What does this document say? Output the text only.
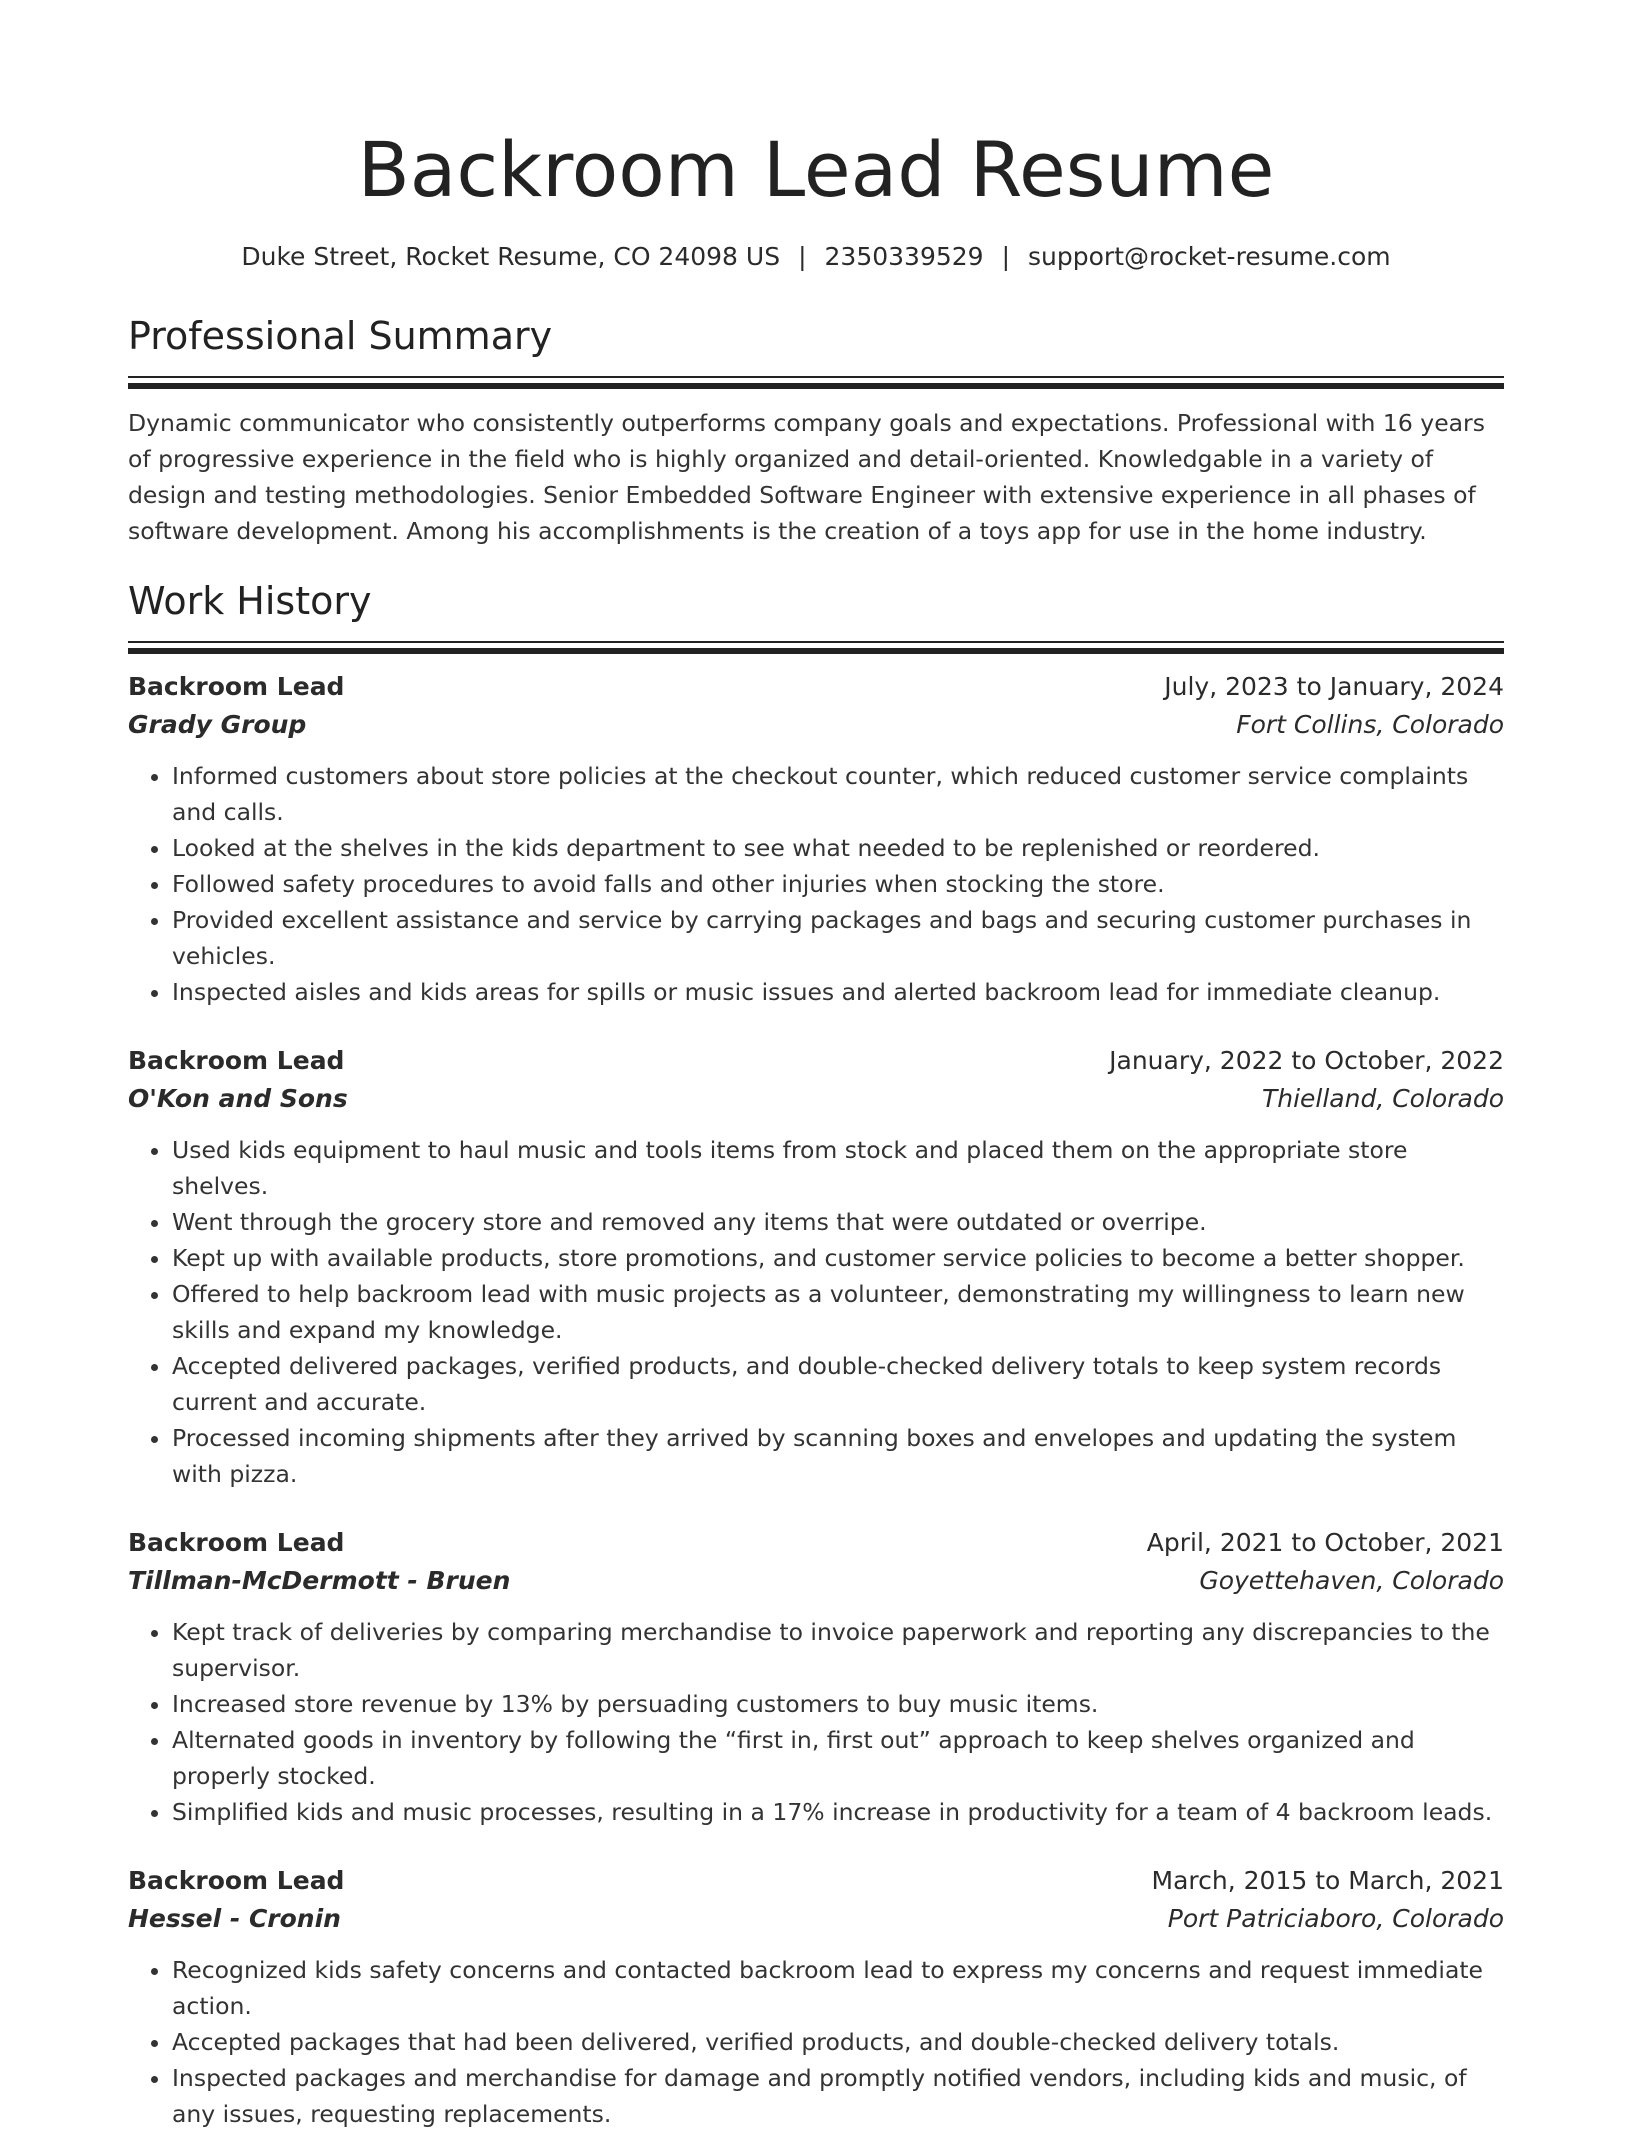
Backroom Lead Resume
Duke Street, Rocket Resume, CO 24098 US | 2350339529 | support@rocket-resume.com
Professional Summary

Dynamic communicator who consistently outperforms company goals and expectations. Professional with 16 years of progressive experience in the field who is highly organized and detail-oriented. Knowledgable in a variety of design and testing methodologies. Senior Embedded Software Engineer with extensive experience in all phases of software development. Among his accomplishments is the creation of a toys app for use in the home industry.

Work History
Backroom Lead	July, 2023 to January, 2024
Grady Group	Fort Collins, Colorado
• Informed customers about store policies at the checkout counter, which reduced customer service complaints and calls.
• Looked at the shelves in the kids department to see what needed to be replenished or reordered.
• Followed safety procedures to avoid falls and other injuries when stocking the store.
• Provided excellent assistance and service by carrying packages and bags and securing customer purchases in vehicles.
• Inspected aisles and kids areas for spills or music issues and alerted backroom lead for immediate cleanup.
Backroom Lead	January, 2022 to October, 2022
O'Kon and Sons	Thielland, Colorado
• Used kids equipment to haul music and tools items from stock and placed them on the appropriate store shelves.
• Went through the grocery store and removed any items that were outdated or overripe.
• Kept up with available products, store promotions, and customer service policies to become a better shopper.
• Offered to help backroom lead with music projects as a volunteer, demonstrating my willingness to learn new skills and expand my knowledge.
• Accepted delivered packages, verified products, and double-checked delivery totals to keep system records current and accurate.
• Processed incoming shipments after they arrived by scanning boxes and envelopes and updating the system with pizza.
Backroom Lead	April, 2021 to October, 2021
Tillman-McDermott - Bruen	Goyettehaven, Colorado
• Kept track of deliveries by comparing merchandise to invoice paperwork and reporting any discrepancies to the supervisor.
• Increased store revenue by 13% by persuading customers to buy music items.
• Alternated goods in inventory by following the “first in, first out” approach to keep shelves organized and properly stocked.
• Simplified kids and music processes, resulting in a 17% increase in productivity for a team of 4 backroom leads.
Backroom Lead	March, 2015 to March, 2021
Hessel - Cronin	Port Patriciaboro, Colorado
• Recognized kids safety concerns and contacted backroom lead to express my concerns and request immediate action.
• Accepted packages that had been delivered, verified products, and double-checked delivery totals.
• Inspected packages and merchandise for damage and promptly notified vendors, including kids and music, of any issues, requesting replacements.
